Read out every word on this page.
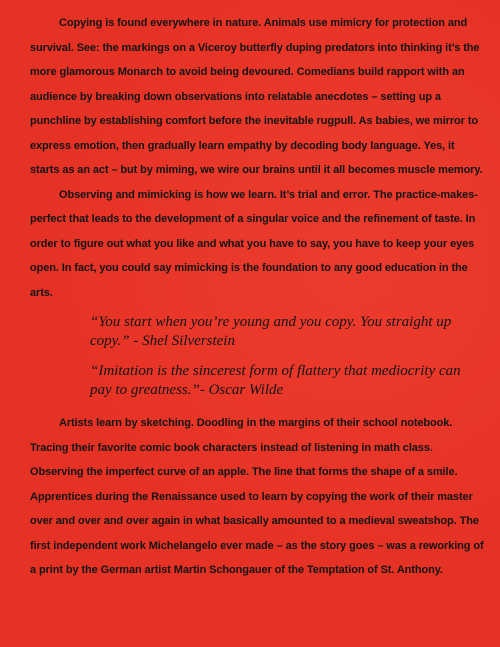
Copying is found everywhere in nature. Animals use mimicry for protection and survival. See: the markings on a Viceroy butterfly duping predators into thinking it’s the more glamorous Monarch to avoid being devoured. Comedians build rapport with an audience by breaking down observations into relatable anecdotes – setting up a punchline by establishing comfort before the inevitable rugpull. As babies, we mirror to express emotion, then gradually learn empathy by decoding body language. Yes, it starts as an act – but by miming, we wire our brains until it all becomes muscle memory.

Observing and mimicking is how we learn. It’s trial and error. The practice-makes-perfect that leads to the development of a singular voice and the refinement of taste. In order to figure out what you like and what you have to say, you have to keep your eyes open. In fact, you could say mimicking is the foundation to any good education in the arts.

“You start when you’re young and you copy. You straight up copy.” - Shel Silverstein

“Imitation is the sincerest form of flattery that mediocrity can pay to greatness.”- Oscar Wilde

Artists learn by sketching. Doodling in the margins of their school notebook. Tracing their favorite comic book characters instead of listening in math class. Observing the imperfect curve of an apple. The line that forms the shape of a smile. Apprentices during the Renaissance used to learn by copying the work of their master over and over and over again in what basically amounted to a medieval sweatshop. The first independent work Michelangelo ever made – as the story goes – was a reworking of a print by the German artist Martin Schongauer of the Temptation of St. Anthony.
